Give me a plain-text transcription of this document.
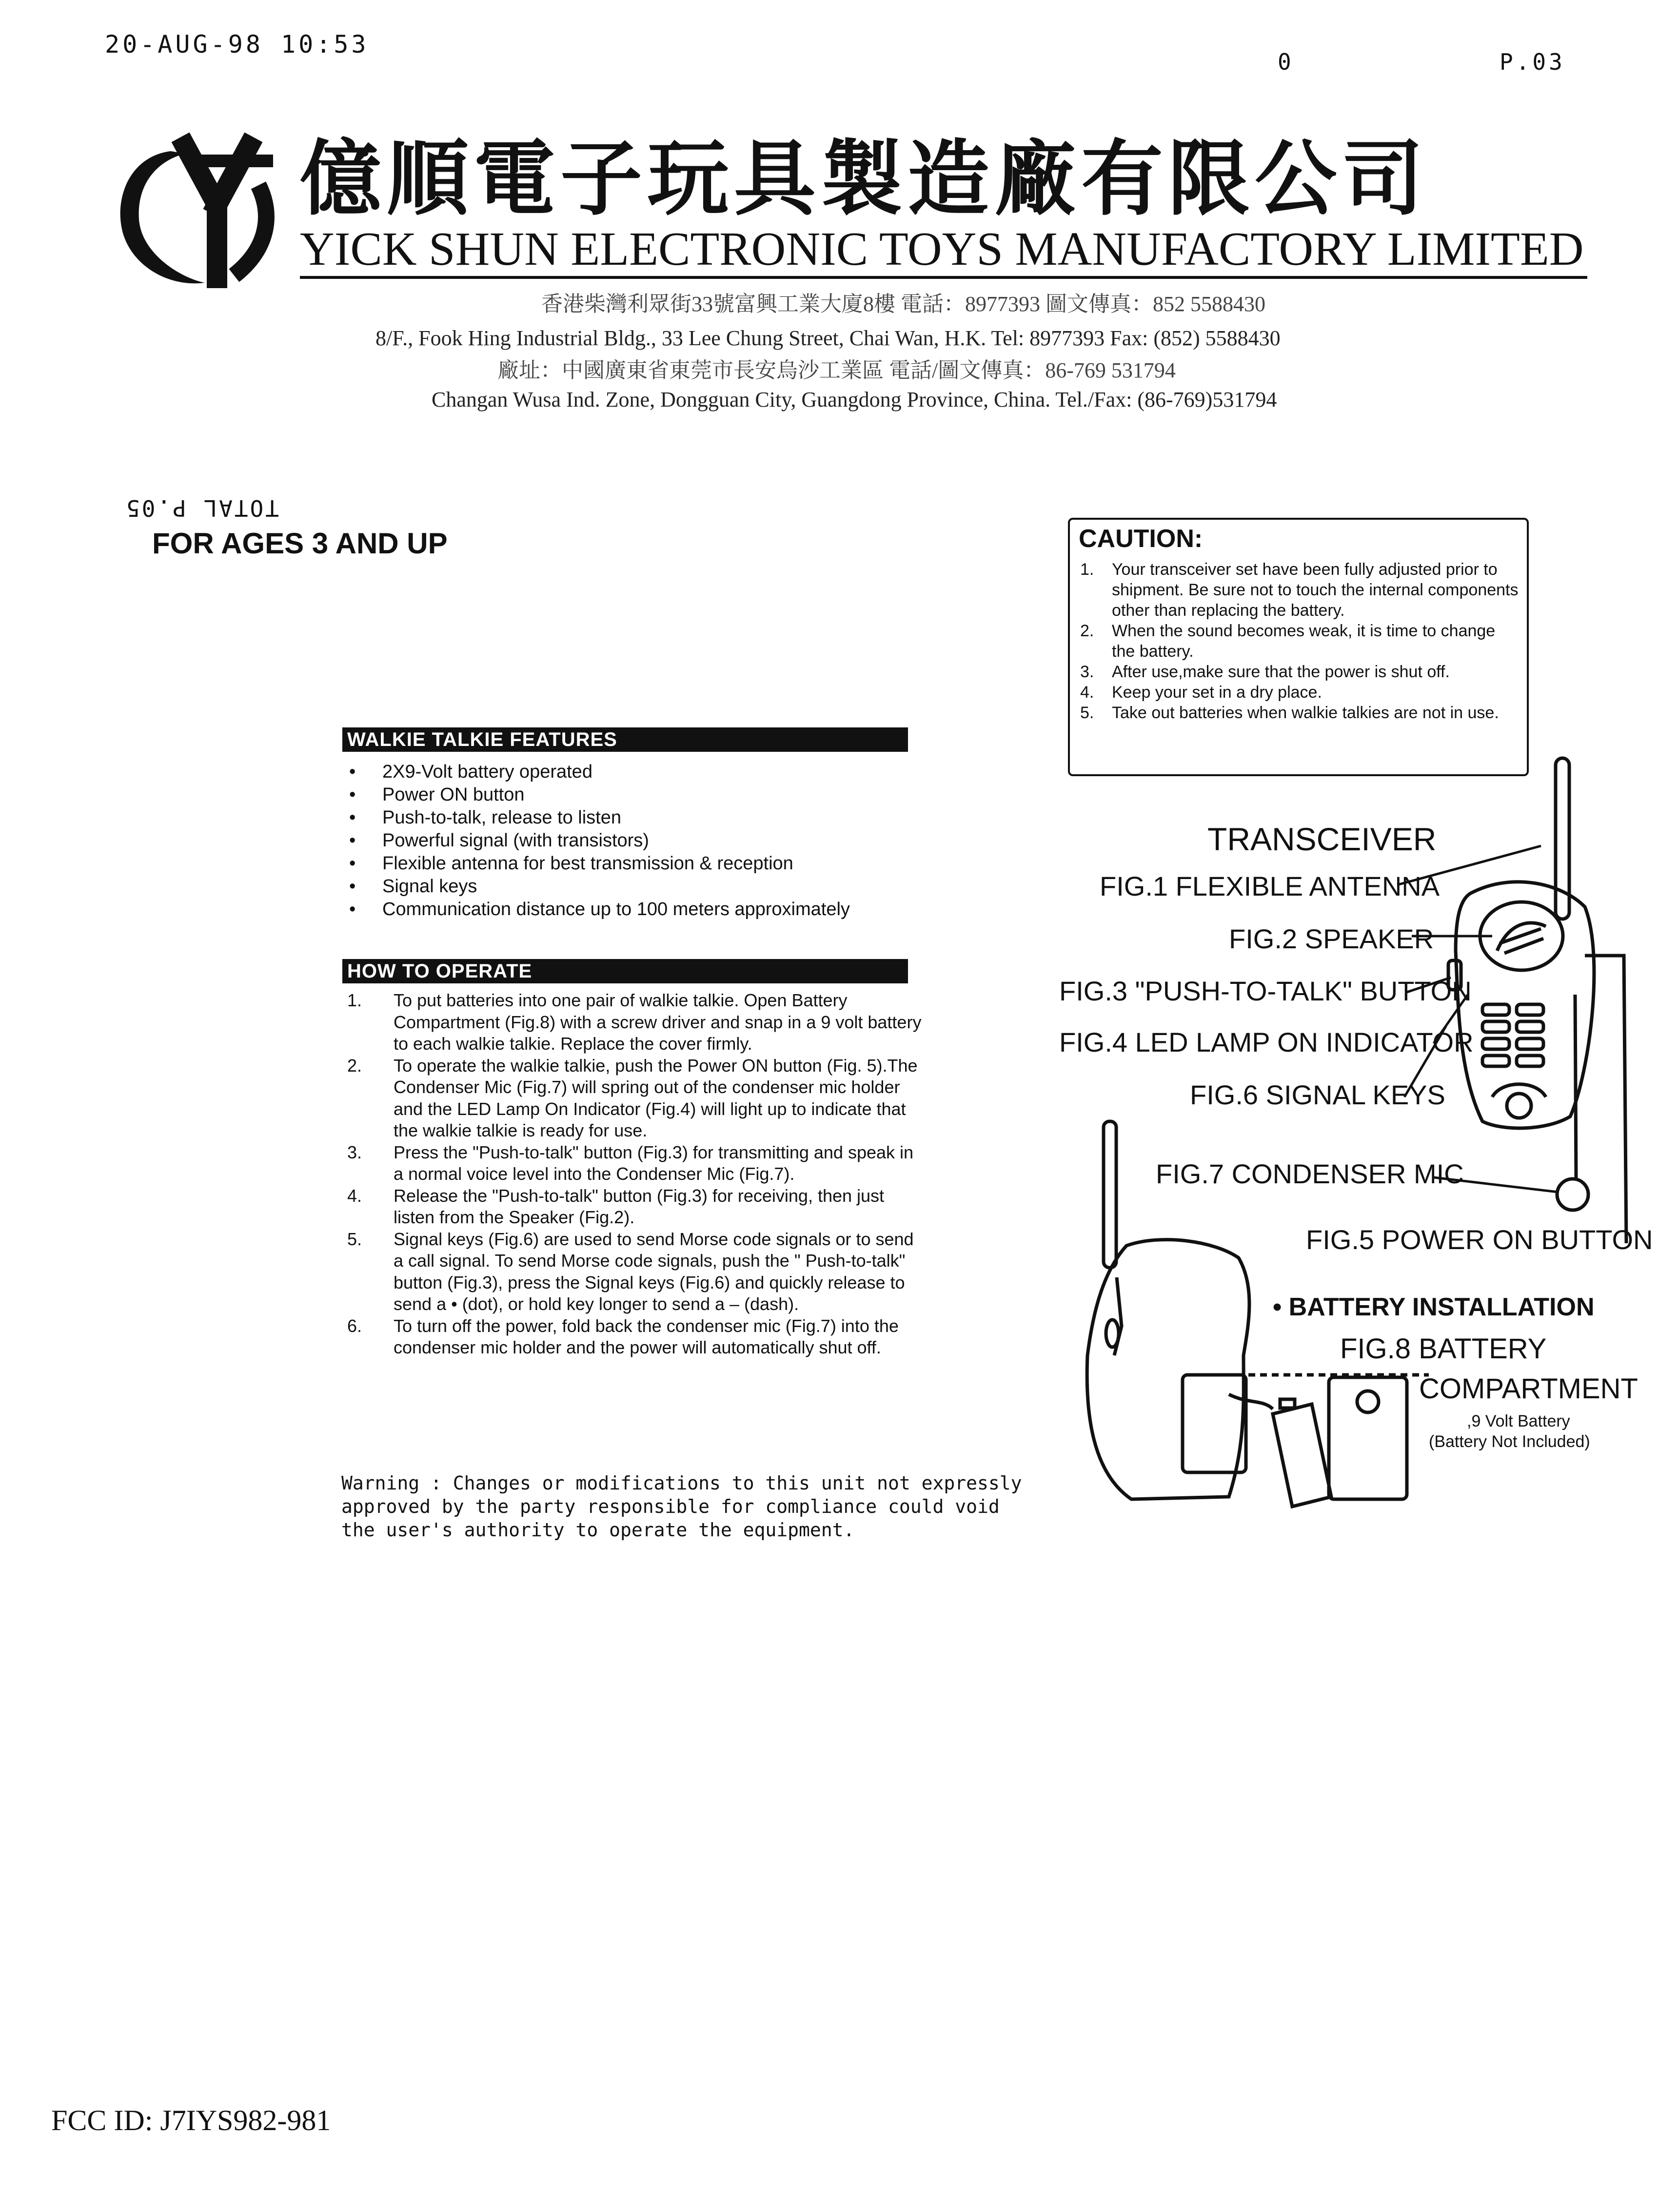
20-AUG-98 10:53
0	P.03
億順電子玩具製造廠有限公司
YICK SHUN ELECTRONIC TOYS MANUFACTORY LIMITED
香港柴灣利眾街33號富興工業大廈8樓 電話：8977393 圖文傳真：852 5588430
8/F., Fook Hing Industrial Bldg., 33 Lee Chung Street, Chai Wan, H.K. Tel: 8977393 Fax: (852) 5588430
廠址：中國廣東省東莞市長安烏沙工業區 電話/圖文傳真：86-769 531794
Changan Wusa Ind. Zone, Dongguan City, Guangdong Province, China. Tel./Fax: (86-769)531794
TOTAL P.05
FOR AGES 3 AND UP
WALKIE TALKIE FEATURES
• 2X9-Volt battery operated
• Power ON button
• Push-to-talk, release to listen
• Powerful signal (with transistors)
• Flexible antenna for best transmission & reception
• Signal keys
• Communication distance up to 100 meters approximately
HOW TO OPERATE
1. To put batteries into one pair of walkie talkie. Open Battery Compartment (Fig.8) with a screw driver and snap in a 9 volt battery to each walkie talkie. Replace the cover firmly.
2. To operate the walkie talkie, push the Power ON button (Fig. 5).The Condenser Mic (Fig.7) will spring out of the condenser mic holder and the LED Lamp On Indicator (Fig.4) will light up to indicate that the walkie talkie is ready for use.
3. Press the "Push-to-talk" button (Fig.3) for transmitting and speak in a normal voice level into the Condenser Mic (Fig.7).
4. Release the "Push-to-talk" button (Fig.3) for receiving, then just listen from the Speaker (Fig.2).
5. Signal keys (Fig.6) are used to send Morse code signals or to send a call signal. To send Morse code signals, push the " Push-to-talk" button (Fig.3), press the Signal keys (Fig.6) and quickly release to send a • (dot), or hold key longer to send a – (dash).
6. To turn off the power, fold back the condenser mic (Fig.7) into the condenser mic holder and the power will automatically shut off.
Warning : Changes or modifications to this unit not expressly
approved by the party responsible for compliance could void
the user's authority to operate the equipment.
CAUTION:
1. Your transceiver set have been fully adjusted prior to shipment. Be sure not to touch the internal components other than replacing the battery.
2. When the sound becomes weak, it is time to change the battery.
3. After use,make sure that the power is shut off.
4. Keep your set in a dry place.
5. Take out batteries when walkie talkies are not in use.
TRANSCEIVER
FIG.1 FLEXIBLE ANTENNA
FIG.2 SPEAKER
FIG.3 "PUSH-TO-TALK" BUTTON
FIG.4 LED LAMP ON INDICATOR
FIG.6 SIGNAL KEYS
FIG.7 CONDENSER MIC
FIG.5 POWER ON BUTTON
• BATTERY INSTALLATION
FIG.8 BATTERY
COMPARTMENT
,9 Volt Battery
(Battery Not Included)
FCC ID: J7IYS982-981
